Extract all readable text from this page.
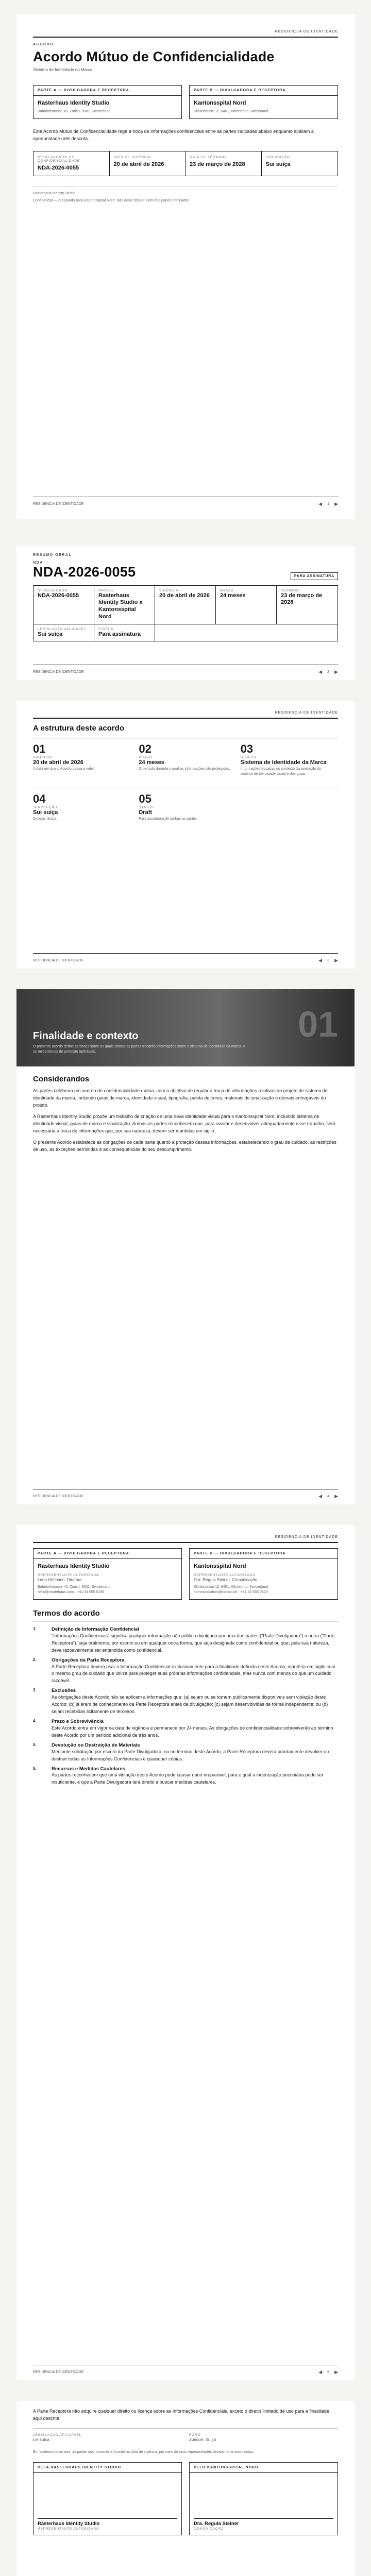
RESIDENCIA DE IDENTIDADE
ACORDO
Acordo Mútuo de Confidencialidade
Sistema de Identidade da Marca
PARTE A — DIVULGADORA E RECEPTORA
Rasterhaus Identity Studio
Bahnhofstrasse 45, Zurich, 8001, Switzerland
PARTE B — DIVULGADORA E RECEPTORA
Kantonsspital Nord
Klinikstrasse 12, 8401, Winterthur, Switzerland
Este Acordo Mútuo de Confidencialidade rege a troca de informações confidenciais entre as partes indicadas abaixo enquanto avaliam a oportunidade nele descrita.
Nº DO ACORDO DE CONFIDENCIALIDADE
NDA-2026-0055
DATA DE VIGÊNCIA
20 de abril de 2026
DATA DE TÉRMINO
23 de março de 2028
JURISDIÇÃO
Sui suíça
Rasterhaus Identity Studio
Confidencial — preparado para Kantonsspital Nord. Não deve circular além das partes nomeadas.
RESIDENCIA DE IDENTIDADE	◀ 1 ▶
RESUMO GERAL
NDA
NDA-2026-0055	PARA ASSINATURA
Nº DO ACORDO
NDA-2026-0055
PARTES
Rasterhaus Identity Studio x Kantonsspital Nord
VIGÊNCIA
20 de abril de 2026
PRAZO
24 meses
TÉRMINO
23 de março de 2028
LEGISLAÇÃO APLICÁVEL
Sui suíça
STATUS
Para assinatura
RESIDENCIA DE IDENTIDADE	◀ 2 ▶
RESIDENCIA DE IDENTIDADE
A estrutura deste acordo
01
VIGÊNCIA
20 de abril de 2026
A data em que o Acordo passa a valer.
02
PRAZO
24 meses
O período durante o qual as informações são protegidas.
03
OBJETO
Sistema de Identidade da Marca
Informações trocadas no contexto da avaliação do sistema de identidade visual e dos guias.
04
JURISDIÇÃO
Sui suíça
Zurique, Suíça.
05
STATUS
Draft
Para assinatura de ambas as partes.
RESIDENCIA DE IDENTIDADE	◀ 3 ▶
01
Finalidade e contexto
O presente acordo define as bases sobre as quais ambas as partes trocarão informações sobre o sistema de identidade da marca, e os mecanismos de proteção aplicáveis.
Considerandos
As partes celebram um acordo de confidencialidade mútua, com o objetivo de regular a troca de informações relativas ao projeto de sistema de identidade da marca, incluindo guias de marca, identidade visual, tipografia, paleta de cores, materiais de sinalização e demais entregáveis do projeto.
A Rasterhaus Identity Studio propõe um trabalho de criação de uma nova identidade visual para o Kantonsspital Nord, incluindo sistema de identidade visual, guias de marca e sinalização. Ambas as partes reconhecem que, para avaliar e desenvolver adequadamente esse trabalho, será necessária a troca de informações que, por sua natureza, devem ser mantidas em sigilo.
O presente Acordo estabelece as obrigações de cada parte quanto à proteção dessas informações, estabelecendo o grau de cuidado, as restrições de uso, as exceções permitidas e as consequências do seu descumprimento.
RESIDENCIA DE IDENTIDADE	◀ 4 ▶
RESIDENCIA DE IDENTIDADE
PARTE A — DIVULGADORA E RECEPTORA
Rasterhaus Identity Studio
REPRESENTANTE AUTORIZADO
Lena Hofmann, Diretora
Bahnhofstrasse 45, Zurich, 8001, Switzerland
hello@rasterhaus.com · +41 44 555 0198
PARTE B — DIVULGADORA E RECEPTORA
Kantonsspital Nord
REPRESENTANTE AUTORIZADO
Dra. Regula Steiner, Comunicação
Klinikstrasse 12, 8401, Winterthur, Switzerland
kommunikation@ksnord.ch · +41 52 555 0120
Termos do acordo
1.	Definição de Informação Confidencial
"Informações Confidenciais" significa qualquer informação não pública divulgada por uma das partes ("Parte Divulgadora") à outra ("Parte Receptora"), seja oralmente, por escrito ou em qualquer outra forma, que seja designada como confidencial ou que, pela sua natureza, deva razoavelmente ser entendida como confidencial.
2.	Obrigações da Parte Receptora
A Parte Receptora deverá usar a Informação Confidencial exclusivamente para a finalidade definida neste Acordo, mantê-la em sigilo com o mesmo grau de cuidado que utiliza para proteger suas próprias informações confidenciais, mas nunca com menos do que um cuidado razoável.
3.	Exclusões
As obrigações deste Acordo não se aplicam a informações que: (a) sejam ou se tornem publicamente disponíveis sem violação deste Acordo; (b) já eram de conhecimento da Parte Receptora antes da divulgação; (c) sejam desenvolvidas de forma independente; ou (d) sejam recebidas licitamente de terceiros.
4.	Prazo e Sobrevivência
Este Acordo entra em vigor na data de vigência e permanece por 24 meses. As obrigações de confidencialidade sobreviverão ao término deste Acordo por um período adicional de três anos.
5.	Devolução ou Destruição de Materiais
Mediante solicitação por escrito da Parte Divulgadora, ou no término deste Acordo, a Parte Receptora deverá prontamente devolver ou destruir todas as Informações Confidenciais e quaisquer cópias.
6.	Recursos e Medidas Cautelares
As partes reconhecem que uma violação deste Acordo pode causar dano irreparável, para o qual a indenização pecuniária pode ser insuficiente, e que a Parte Divulgadora terá direito a buscar medidas cautelares.
RESIDENCIA DE IDENTIDADE	◀ 5 ▶
A Parte Receptora não adquire qualquer direito ou licença sobre as Informações Confidenciais, exceto o direito limitado de uso para a finalidade aqui descrita.
LEGISLAÇÃO APLICÁVEL
Lei suíça
FORO
Zurique, Suíça
Em testemunho do que, as partes assinaram este Acordo na data de vigência, por meio de seus representantes devidamente autorizados.
PELA RASTERHAUS IDENTITY STUDIO
Rasterhaus Identity Studio
REPRESENTANTE AUTORIZADO
PELO KANTONSSPITAL NORD
Dra. Regula Steiner
COMUNICAÇÃO
